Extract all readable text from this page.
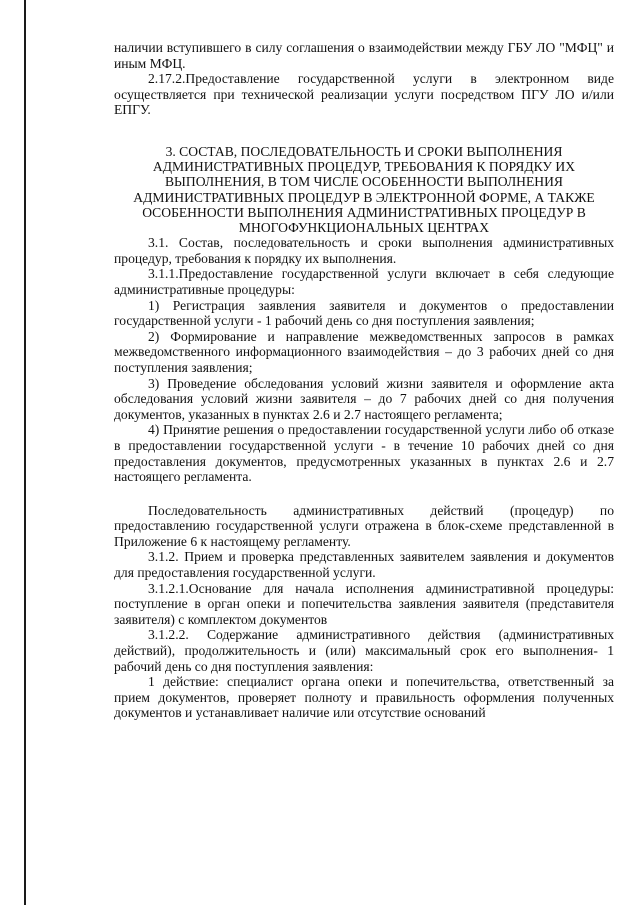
наличии вступившего в силу соглашения о взаимодействии между ГБУ ЛО "МФЦ" и иным МФЦ.

2.17.2.Предоставление государственной услуги в электронном виде осуществляется при технической реализации услуги посредством ПГУ ЛО и/или ЕПГУ.

3. СОСТАВ, ПОСЛЕДОВАТЕЛЬНОСТЬ И СРОКИ ВЫПОЛНЕНИЯ АДМИНИСТРАТИВНЫХ ПРОЦЕДУР, ТРЕБОВАНИЯ К ПОРЯДКУ ИХ ВЫПОЛНЕНИЯ, В ТОМ ЧИСЛЕ ОСОБЕННОСТИ ВЫПОЛНЕНИЯ АДМИНИСТРАТИВНЫХ ПРОЦЕДУР В ЭЛЕКТРОННОЙ ФОРМЕ, А ТАКЖЕ ОСОБЕННОСТИ ВЫПОЛНЕНИЯ АДМИНИСТРАТИВНЫХ ПРОЦЕДУР В МНОГОФУНКЦИОНАЛЬНЫХ ЦЕНТРАХ

3.1. Состав, последовательность и сроки выполнения административных процедур, требования к порядку их выполнения.

3.1.1.Предоставление государственной услуги включает в себя следующие административные процедуры:

1) Регистрация заявления заявителя и документов о предоставлении государственной услуги - 1 рабочий день со дня поступления заявления;

2) Формирование и направление межведомственных запросов в рамках межведомственного информационного взаимодействия – до 3 рабочих дней со дня поступления заявления;

3) Проведение обследования условий жизни заявителя и оформление акта обследования условий жизни заявителя – до 7 рабочих дней со дня получения документов, указанных в пунктах 2.6 и 2.7 настоящего регламента;

4) Принятие решения о предоставлении государственной услуги либо об отказе в предоставлении государственной услуги - в течение 10 рабочих дней со дня предоставления документов, предусмотренных указанных в пунктах 2.6 и 2.7 настоящего регламента.

Последовательность административных действий (процедур) по предоставлению государственной услуги отражена в блок-схеме представленной в Приложение 6 к настоящему регламенту.

3.1.2. Прием и проверка представленных заявителем заявления и документов для предоставления государственной услуги.

3.1.2.1.Основание для начала исполнения административной процедуры: поступление в орган опеки и попечительства заявления заявителя (представителя заявителя) с комплектом документов

3.1.2.2. Содержание административного действия (административных действий), продолжительность и (или) максимальный срок его выполнения- 1 рабочий день со дня поступления заявления:

1 действие: специалист органа опеки и попечительства, ответственный за прием документов, проверяет полноту и правильность оформления полученных документов и устанавливает наличие или отсутствие оснований
